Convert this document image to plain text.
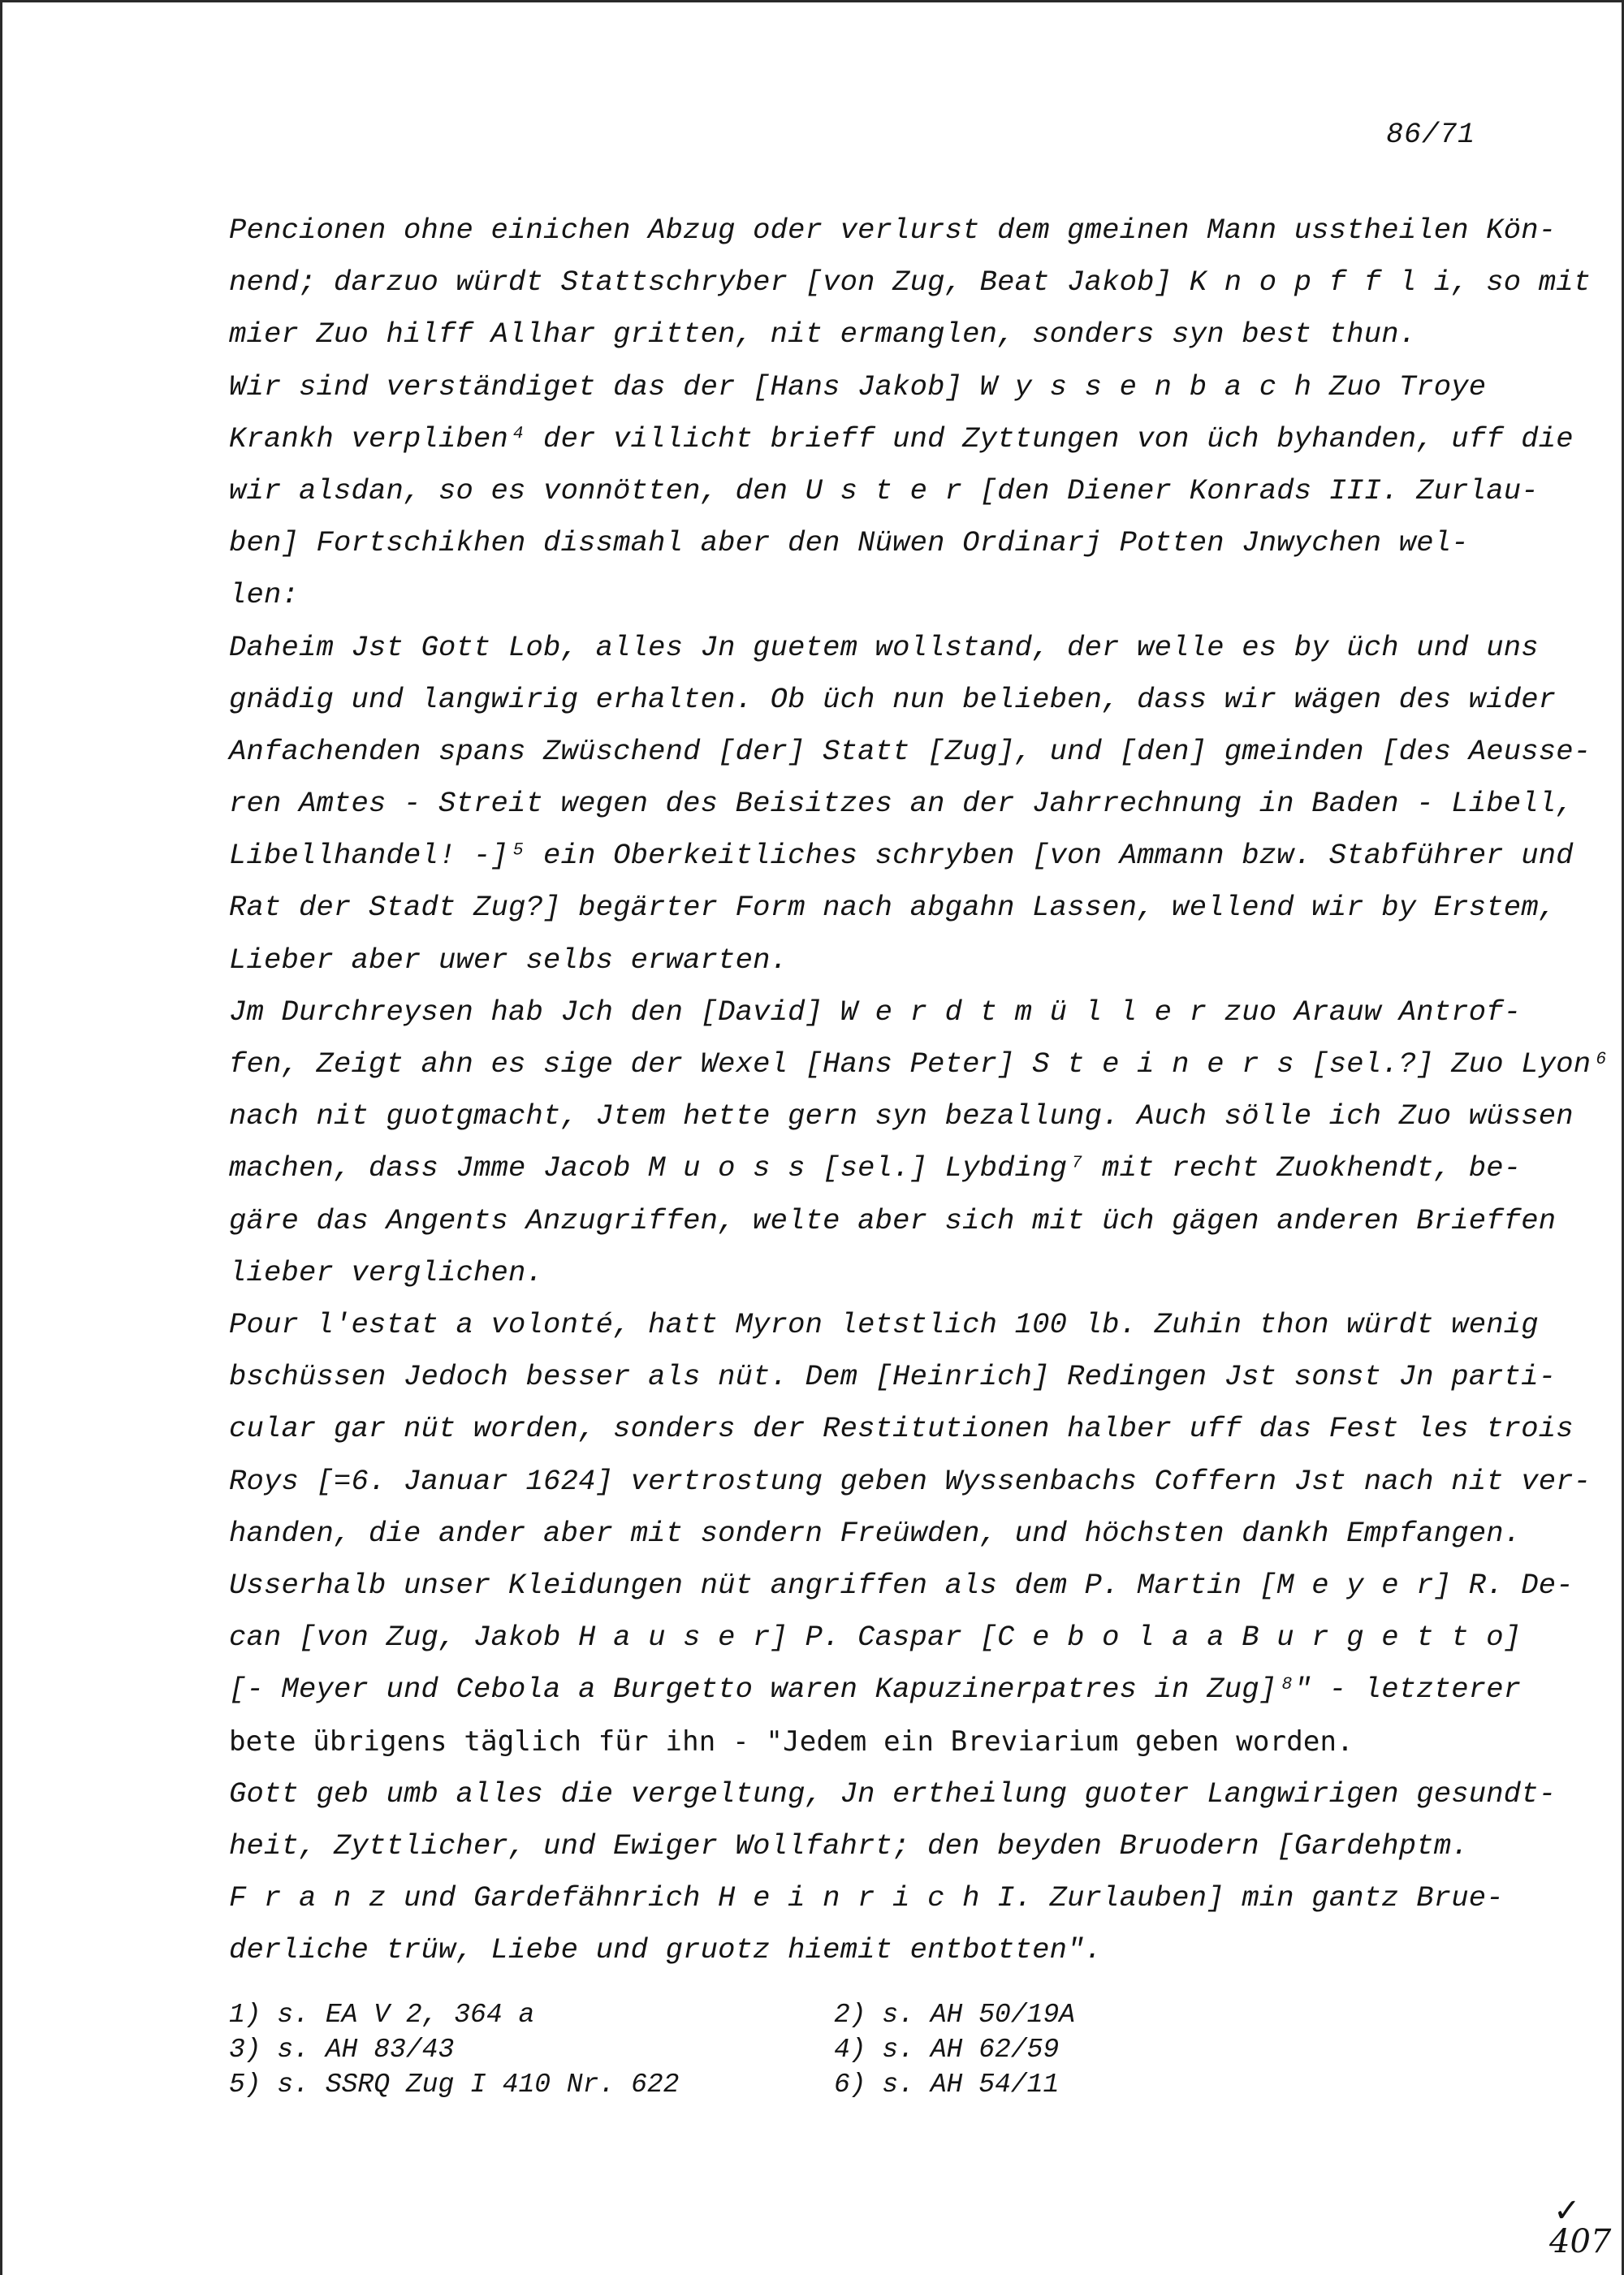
86/71
Pencionen ohne einichen Abzug oder verlurst dem gmeinen Mann usstheilen Kön-
nend; darzuo würdt Stattschryber [von Zug, Beat Jakob] K n o p f f l i, so mit
mier Zuo hilff Allhar gritten, nit ermanglen, sonders syn best thun.
Wir sind verständiget das der [Hans Jakob] W y s s e n b a c h Zuo Troye
Krankh verpliben⁴ der villicht brieff und Zyttungen von üch byhanden, uff die
wir alsdan, so es vonnötten, den U s t e r [den Diener Konrads III. Zurlau-
ben] Fortschikhen dissmahl aber den Nüwen Ordinarj Potten Jnwychen wel-
len:
Daheim Jst Gott Lob, alles Jn guetem wollstand, der welle es by üch und uns
gnädig und langwirig erhalten. Ob üch nun belieben, dass wir wägen des wider
Anfachenden spans Zwüschend [der] Statt [Zug], und [den] gmeinden [des Aeusse-
ren Amtes - Streit wegen des Beisitzes an der Jahrrechnung in Baden - Libell,
Libellhandel! -]⁵ ein Oberkeitliches schryben [von Ammann bzw. Stabführer und
Rat der Stadt Zug?] begärter Form nach abgahn Lassen, wellend wir by Erstem,
Lieber aber uwer selbs erwarten.
Jm Durchreysen hab Jch den [David] W e r d t m ü l l e r zuo Arauw Antrof-
fen, Zeigt ahn es sige der Wexel [Hans Peter] S t e i n e r s [sel.?] Zuo Lyon⁶
nach nit guotgmacht, Jtem hette gern syn bezallung. Auch sölle ich Zuo wüssen
machen, dass Jmme Jacob M u o s s [sel.] Lybding⁷ mit recht Zuokhendt, be-
gäre das Angents Anzugriffen, welte aber sich mit üch gägen anderen Brieffen
lieber verglichen.
Pour l'estat a volonté, hatt Myron letstlich 100 lb. Zuhin thon würdt wenig
bschüssen Jedoch besser als nüt. Dem [Heinrich] Redingen Jst sonst Jn parti-
cular gar nüt worden, sonders der Restitutionen halber uff das Fest les trois
Roys [=6. Januar 1624] vertrostung geben Wyssenbachs Coffern Jst nach nit ver-
handen, die ander aber mit sondern Freüwden, und höchsten dankh Empfangen.
Usserhalb unser Kleidungen nüt angriffen als dem P. Martin [M e y e r] R. De-
can [von Zug, Jakob H a u s e r] P. Caspar [C e b o l a a B u r g e t t o]
[- Meyer und Cebola a Burgetto waren Kapuzinerpatres in Zug]⁸" - letzterer
bete übrigens täglich für ihn - "Jedem ein Breviarium geben worden.
Gott geb umb alles die vergeltung, Jn ertheilung guoter Langwirigen gesundt-
heit, Zyttlicher, und Ewiger Wollfahrt; den beyden Bruodern [Gardehptm.
F r a n z und Gardefähnrich H e i n r i c h I. Zurlauben] min gantz Brue-
derliche trüw, Liebe und gruotz hiemit entbotten".
1) s. EA V 2, 364 a	2) s. AH 50/19A
3) s. AH 83/43	4) s. AH 62/59
5) s. SSRQ Zug I 410 Nr. 622	6) s. AH 54/11
✓
407
